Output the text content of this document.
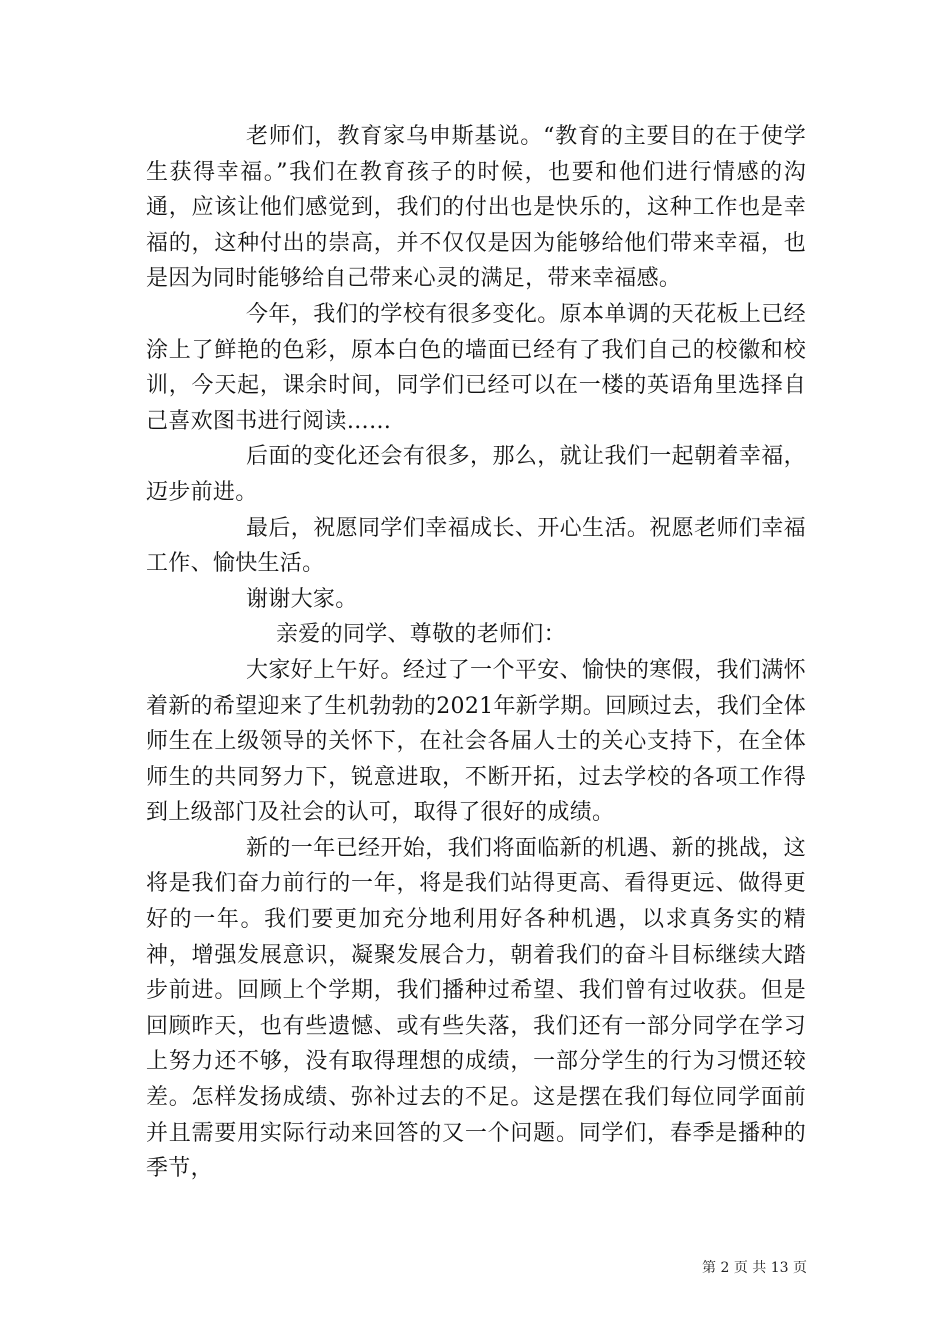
老师们，教育家乌申斯基说。“教育的主要目的在于使学生获得幸福。”我们在教育孩子的时候，也要和他们进行情感的沟通，应该让他们感觉到，我们的付出也是快乐的，这种工作也是幸福的，这种付出的崇高，并不仅仅是因为能够给他们带来幸福，也是因为同时能够给自己带来心灵的满足，带来幸福感。

今年，我们的学校有很多变化。原本单调的天花板上已经涂上了鲜艳的色彩，原本白色的墙面已经有了我们自己的校徽和校训，今天起，课余时间，同学们已经可以在一楼的英语角里选择自己喜欢图书进行阅读……

后面的变化还会有很多，那么，就让我们一起朝着幸福，迈步前进。

最后，祝愿同学们幸福成长、开心生活。祝愿老师们幸福工作、愉快生活。

谢谢大家。

亲爱的同学、尊敬的老师们：

大家好上午好。经过了一个平安、愉快的寒假，我们满怀着新的希望迎来了生机勃勃的2021年新学期。回顾过去，我们全体师生在上级领导的关怀下，在社会各届人士的关心支持下，在全体师生的共同努力下，锐意进取，不断开拓，过去学校的各项工作得到上级部门及社会的认可，取得了很好的成绩。

新的一年已经开始，我们将面临新的机遇、新的挑战，这将是我们奋力前行的一年，将是我们站得更高、看得更远、做得更好的一年。我们要更加充分地利用好各种机遇，以求真务实的精神，增强发展意识，凝聚发展合力，朝着我们的奋斗目标继续大踏步前进。回顾上个学期，我们播种过希望、我们曾有过收获。但是回顾昨天，也有些遗憾、或有些失落，我们还有一部分同学在学习上努力还不够，没有取得理想的成绩，一部分学生的行为习惯还较差。怎样发扬成绩、弥补过去的不足。这是摆在我们每位同学面前并且需要用实际行动来回答的又一个问题。同学们，春季是播种的季节，

第 2 页 共 13 页
